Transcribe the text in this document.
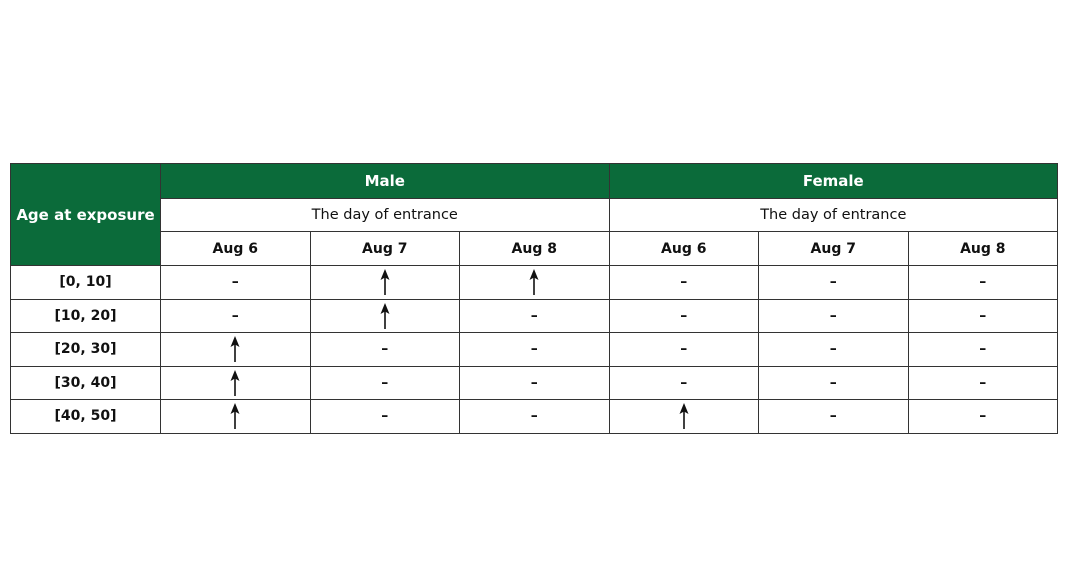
Age at exposure	Male			Female		
	The day of entrance			The day of entrance		
	Aug 6	Aug 7	Aug 8	Aug 6	Aug 7	Aug 8
[0, 10]	–			–	–	–
[10, 20]	–		–	–	–	–
[20, 30]		–	–	–	–	–
[30, 40]		–	–	–	–	–
[40, 50]		–	–		–	–
